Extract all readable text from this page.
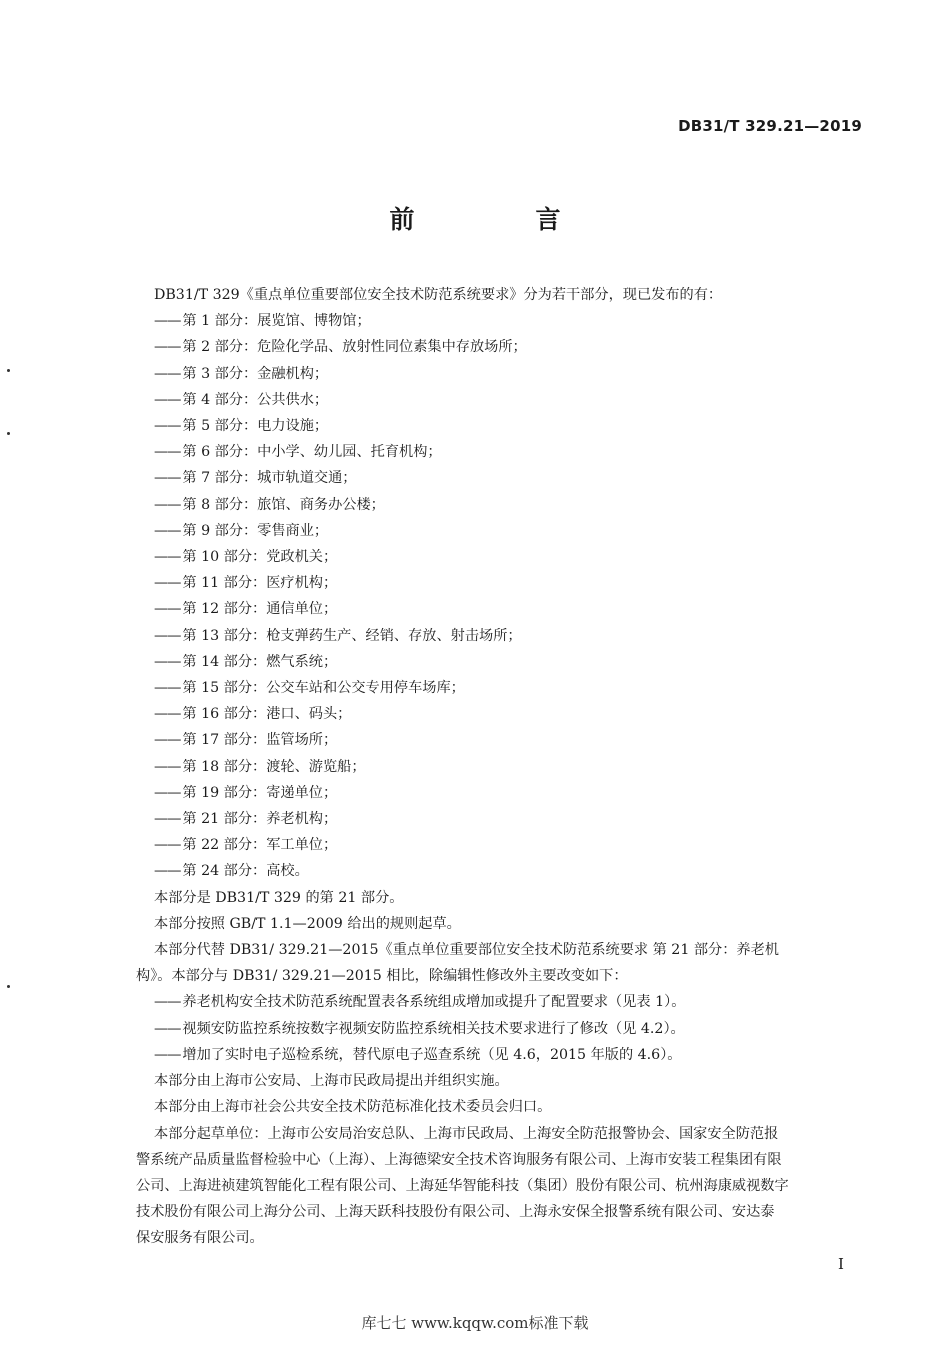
DB31/T 329.21—2019
前　言
DB31/T 329《重点单位重要部位安全技术防范系统要求》分为若干部分，现已发布的有：
—— 第 1 部分：展览馆、博物馆；
—— 第 2 部分：危险化学品、放射性同位素集中存放场所；
—— 第 3 部分：金融机构；
—— 第 4 部分：公共供水；
—— 第 5 部分：电力设施；
—— 第 6 部分：中小学、幼儿园、托育机构；
—— 第 7 部分：城市轨道交通；
—— 第 8 部分：旅馆、商务办公楼；
—— 第 9 部分：零售商业；
—— 第 10 部分：党政机关；
—— 第 11 部分：医疗机构；
—— 第 12 部分：通信单位；
—— 第 13 部分：枪支弹药生产、经销、存放、射击场所；
—— 第 14 部分：燃气系统；
—— 第 15 部分：公交车站和公交专用停车场库；
—— 第 16 部分：港口、码头；
—— 第 17 部分：监管场所；
—— 第 18 部分：渡轮、游览船；
—— 第 19 部分：寄递单位；
—— 第 21 部分：养老机构；
—— 第 22 部分：军工单位；
—— 第 24 部分：高校。
本部分是 DB31/T 329 的第 21 部分。
本部分按照 GB/T 1.1—2009 给出的规则起草。
本部分代替 DB31/ 329.21—2015《重点单位重要部位安全技术防范系统要求 第 21 部分：养老机
构》。本部分与 DB31/ 329.21—2015 相比，除编辑性修改外主要改变如下：
—— 养老机构安全技术防范系统配置表各系统组成增加或提升了配置要求（见表 1）。
—— 视频安防监控系统按数字视频安防监控系统相关技术要求进行了修改（见 4.2）。
—— 增加了实时电子巡检系统，替代原电子巡查系统（见 4.6，2015 年版的 4.6）。
本部分由上海市公安局、上海市民政局提出并组织实施。
本部分由上海市社会公共安全技术防范标准化技术委员会归口。
本部分起草单位：上海市公安局治安总队、上海市民政局、上海安全防范报警协会、国家安全防范报
警系统产品质量监督检验中心（上海）、上海德梁安全技术咨询服务有限公司、上海市安装工程集团有限
公司、上海进祯建筑智能化工程有限公司、上海延华智能科技（集团）股份有限公司、杭州海康威视数字
技术股份有限公司上海分公司、上海天跃科技股份有限公司、上海永安保全报警系统有限公司、安达泰
保安服务有限公司。
I
库七七 www.kqqw.com标准下载
